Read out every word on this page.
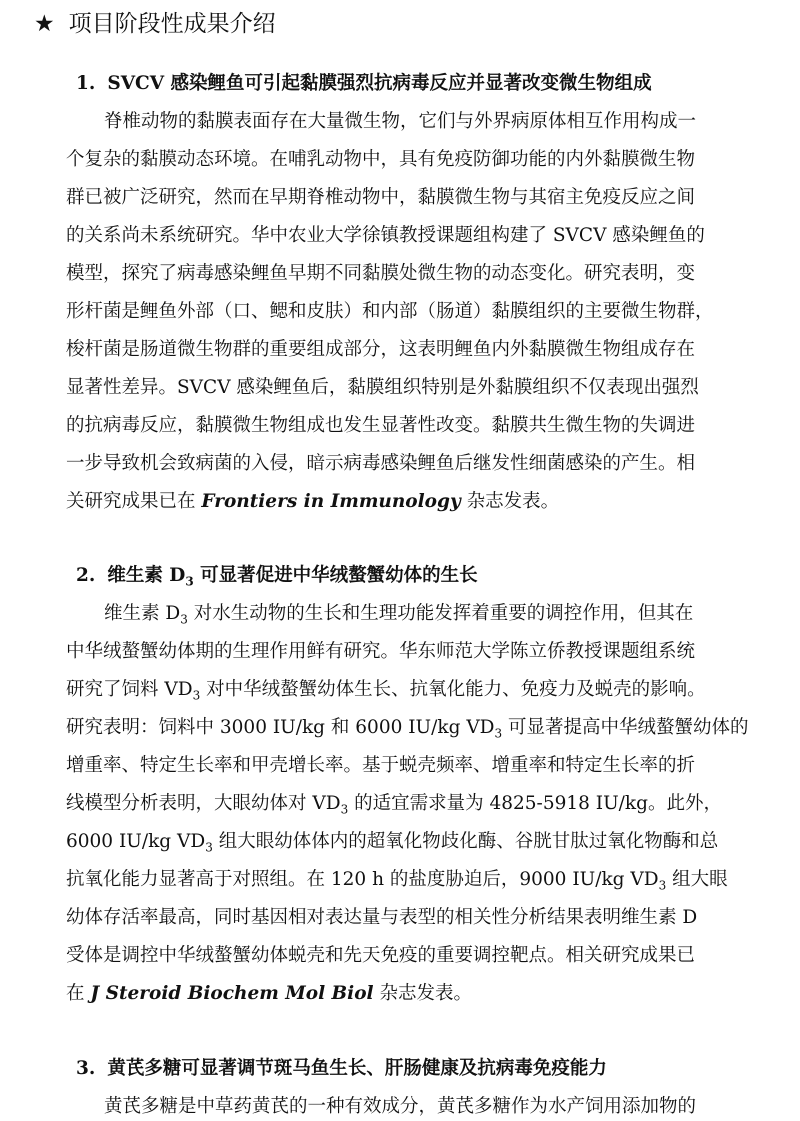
★ 项目阶段性成果介绍
1. SVCV 感染鲤鱼可引起黏膜强烈抗病毒反应并显著改变微生物组成
脊椎动物的黏膜表面存在大量微生物，它们与外界病原体相互作用构成一
个复杂的黏膜动态环境。在哺乳动物中，具有免疫防御功能的内外黏膜微生物
群已被广泛研究，然而在早期脊椎动物中，黏膜微生物与其宿主免疫反应之间
的关系尚未系统研究。华中农业大学徐镇教授课题组构建了 SVCV 感染鲤鱼的
模型，探究了病毒感染鲤鱼早期不同黏膜处微生物的动态变化。研究表明，变
形杆菌是鲤鱼外部（口、鳃和皮肤）和内部（肠道）黏膜组织的主要微生物群，
梭杆菌是肠道微生物群的重要组成部分，这表明鲤鱼内外黏膜微生物组成存在
显著性差异。SVCV 感染鲤鱼后，黏膜组织特别是外黏膜组织不仅表现出强烈
的抗病毒反应，黏膜微生物组成也发生显著性改变。黏膜共生微生物的失调进
一步导致机会致病菌的入侵，暗示病毒感染鲤鱼后继发性细菌感染的产生。相
关研究成果已在 Frontiers in Immunology 杂志发表。
2. 维生素 $D_3$ 可显著促进中华绒螯蟹幼体的生长
维生素 $D_3$ 对水生动物的生长和生理功能发挥着重要的调控作用，但其在
中华绒螯蟹幼体期的生理作用鲜有研究。华东师范大学陈立侨教授课题组系统
研究了饲料 $VD_3$ 对中华绒螯蟹幼体生长、抗氧化能力、免疫力及蜕壳的影响。
研究表明：饲料中 3000 IU/kg 和 6000 IU/kg $VD_3$ 可显著提高中华绒螯蟹幼体的
增重率、特定生长率和甲壳增长率。基于蜕壳频率、增重率和特定生长率的折
线模型分析表明，大眼幼体对 $VD_3$ 的适宜需求量为 4825-5918 IU/kg。此外，
6000 IU/kg $VD_3$ 组大眼幼体体内的超氧化物歧化酶、谷胱甘肽过氧化物酶和总
抗氧化能力显著高于对照组。在 120 h 的盐度胁迫后，9000 IU/kg $VD_3$ 组大眼
幼体存活率最高，同时基因相对表达量与表型的相关性分析结果表明维生素 D
受体是调控中华绒螯蟹幼体蜕壳和先天免疫的重要调控靶点。相关研究成果已
在 J Steroid Biochem Mol Biol 杂志发表。
3. 黄芪多糖可显著调节斑马鱼生长、肝肠健康及抗病毒免疫能力
黄芪多糖是中草药黄芪的一种有效成分，黄芪多糖作为水产饲用添加物的
